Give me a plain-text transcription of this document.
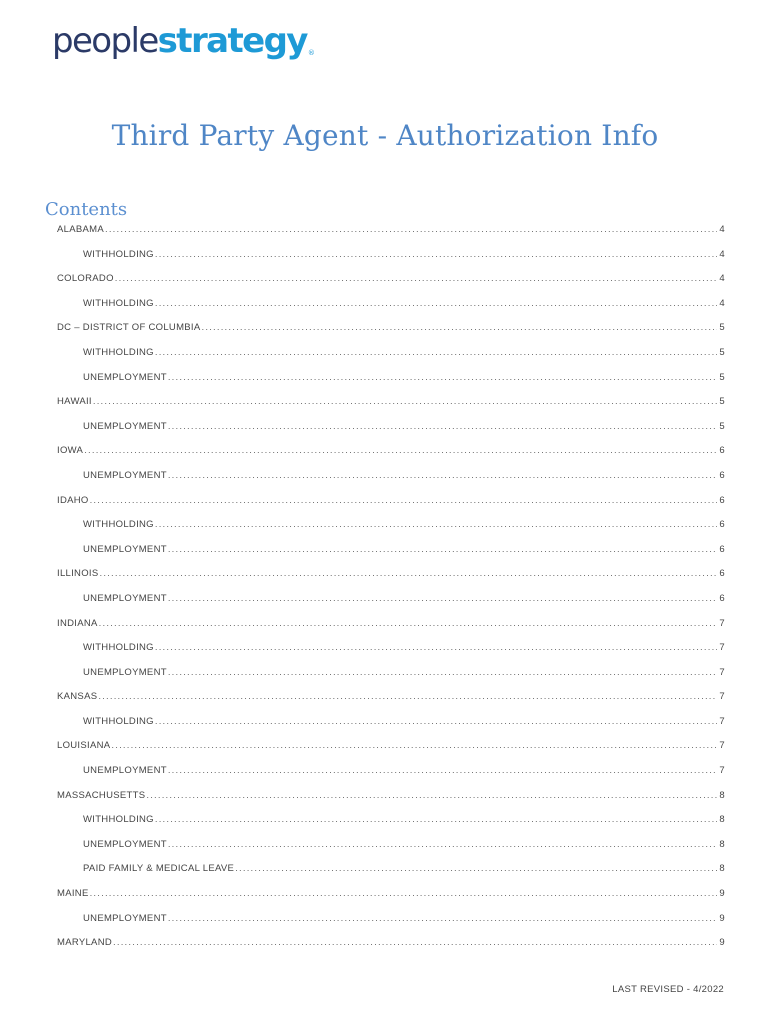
people strategy ®
Third Party Agent - Authorization Info
Contents
ALABAMA .....	4
WITHHOLDING .....	4
COLORADO .....	4
WITHHOLDING .....	4
DC – DISTRICT OF COLUMBIA .....	5
WITHHOLDING .....	5
UNEMPLOYMENT .....	5
HAWAII .....	5
UNEMPLOYMENT .....	5
IOWA .....	6
UNEMPLOYMENT .....	6
IDAHO .....	6
WITHHOLDING .....	6
UNEMPLOYMENT .....	6
ILLINOIS .....	6
UNEMPLOYMENT .....	6
INDIANA .....	7
WITHHOLDING .....	7
UNEMPLOYMENT .....	7
KANSAS .....	7
WITHHOLDING .....	7
LOUISIANA .....	7
UNEMPLOYMENT .....	7
MASSACHUSETTS .....	8
WITHHOLDING .....	8
UNEMPLOYMENT .....	8
PAID FAMILY & MEDICAL LEAVE .....	8
MAINE .....	9
UNEMPLOYMENT .....	9
MARYLAND .....	9
LAST REVISED - 4/2022
